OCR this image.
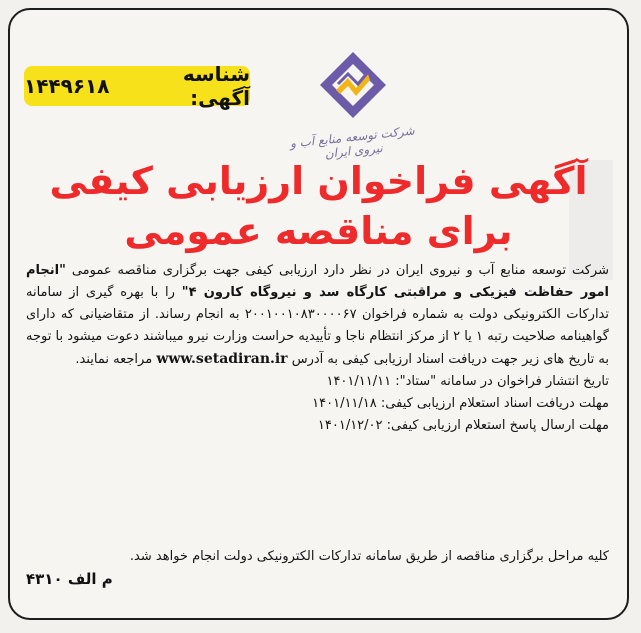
شناسه آگهی:
۱۴۴۹۶۱۸
شرکت توسعه منابع آب و نیروی ایران
آگهی فراخوان ارزیابی کیفی
برای مناقصه عمومی

شرکت توسعه منابع آب و نیروی ایران در نظر دارد ارزیابی کیفی جهت برگزاری مناقصه عمومی "انجام امور حفاظت فیزیکی و مراقبتی کارگاه سد و نیروگاه کارون ۴" را با بهره گیری از سامانه تدارکات الکترونیکی دولت به شماره فراخوان ۲۰۰۱۰۰۱۰۸۳۰۰۰۰۶۷ به انجام رساند. از متقاضیانی که دارای گواهینامه صلاحیت رتبه ۱ یا ۲ از مرکز انتظام ناجا و تأییدیه حراست وزارت نیرو میباشند دعوت میشود با توجه به تاریخ های زیر جهت دریافت اسناد ارزیابی کیفی به آدرس www.setadiran.ir مراجعه نمایند.

تاریخ انتشار فراخوان در سامانه "ستاد": ۱۴۰۱/۱۱/۱۱
مهلت دریافت اسناد استعلام ارزیابی کیفی: ۱۴۰۱/۱۱/۱۸
مهلت ارسال پاسخ استعلام ارزیابی کیفی: ۱۴۰۱/۱۲/۰۲
کلیه مراحل برگزاری مناقصه از طریق سامانه تدارکات الکترونیکی دولت انجام خواهد شد.
م الف ۴۳۱۰
